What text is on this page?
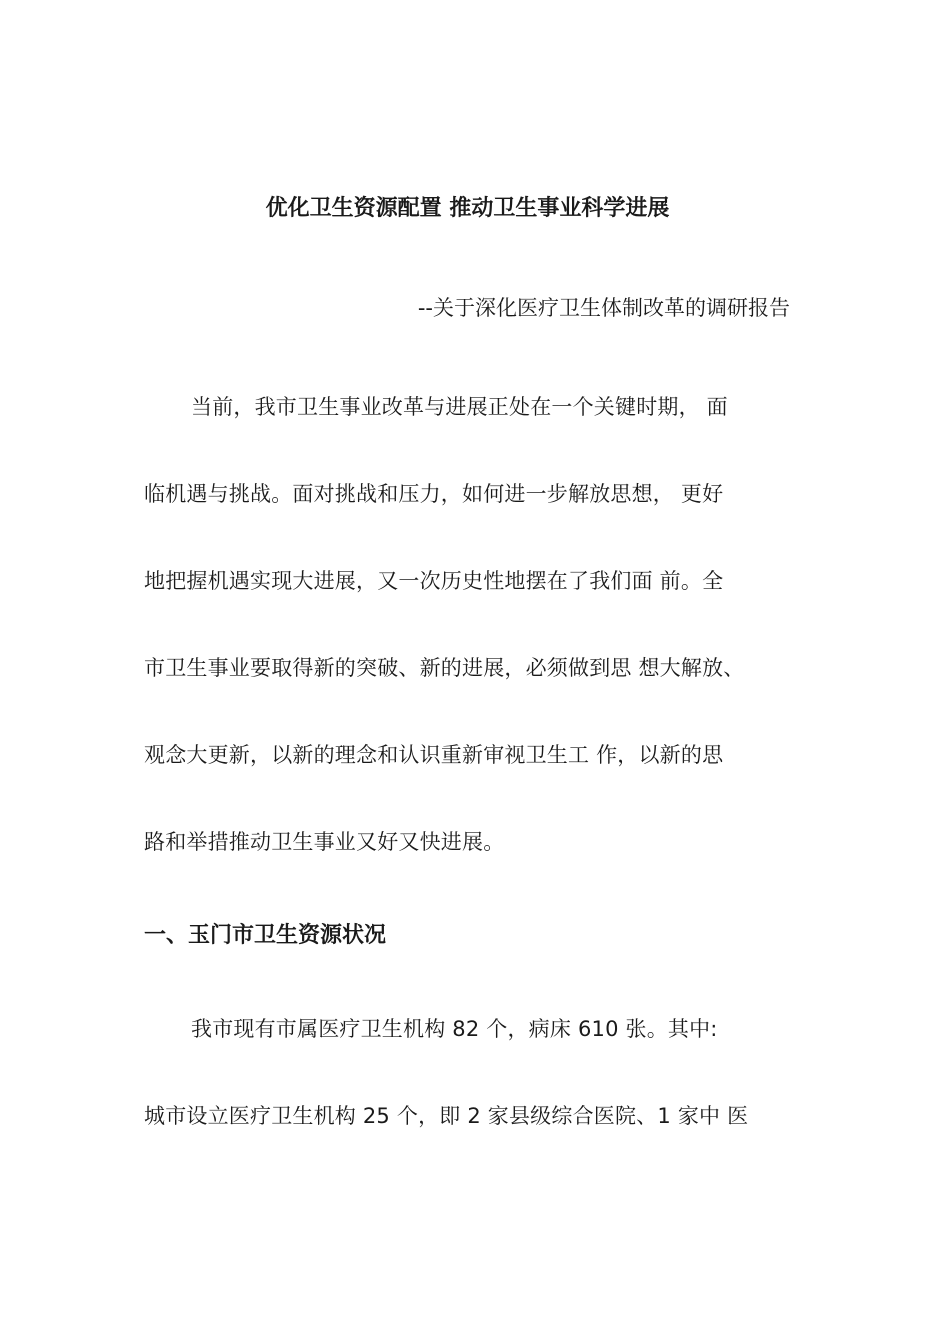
优化卫生资源配置 推动卫生事业科学进展
--关于深化医疗卫生体制改革的调研报告
当前，我市卫生事业改革与进展正处在一个关键时期， 面
临机遇与挑战。面对挑战和压力，如何进一步解放思想， 更好
地把握机遇实现大进展，又一次历史性地摆在了我们面 前。全
市卫生事业要取得新的突破、新的进展，必须做到思 想大解放、
观念大更新，以新的理念和认识重新审视卫生工 作，以新的思
路和举措推动卫生事业又好又快进展。
一、玉门市卫生资源状况
我市现有市属医疗卫生机构 82 个，病床 610 张。其中:
城市设立医疗卫生机构 25 个，即 2 家县级综合医院、1 家中 医
